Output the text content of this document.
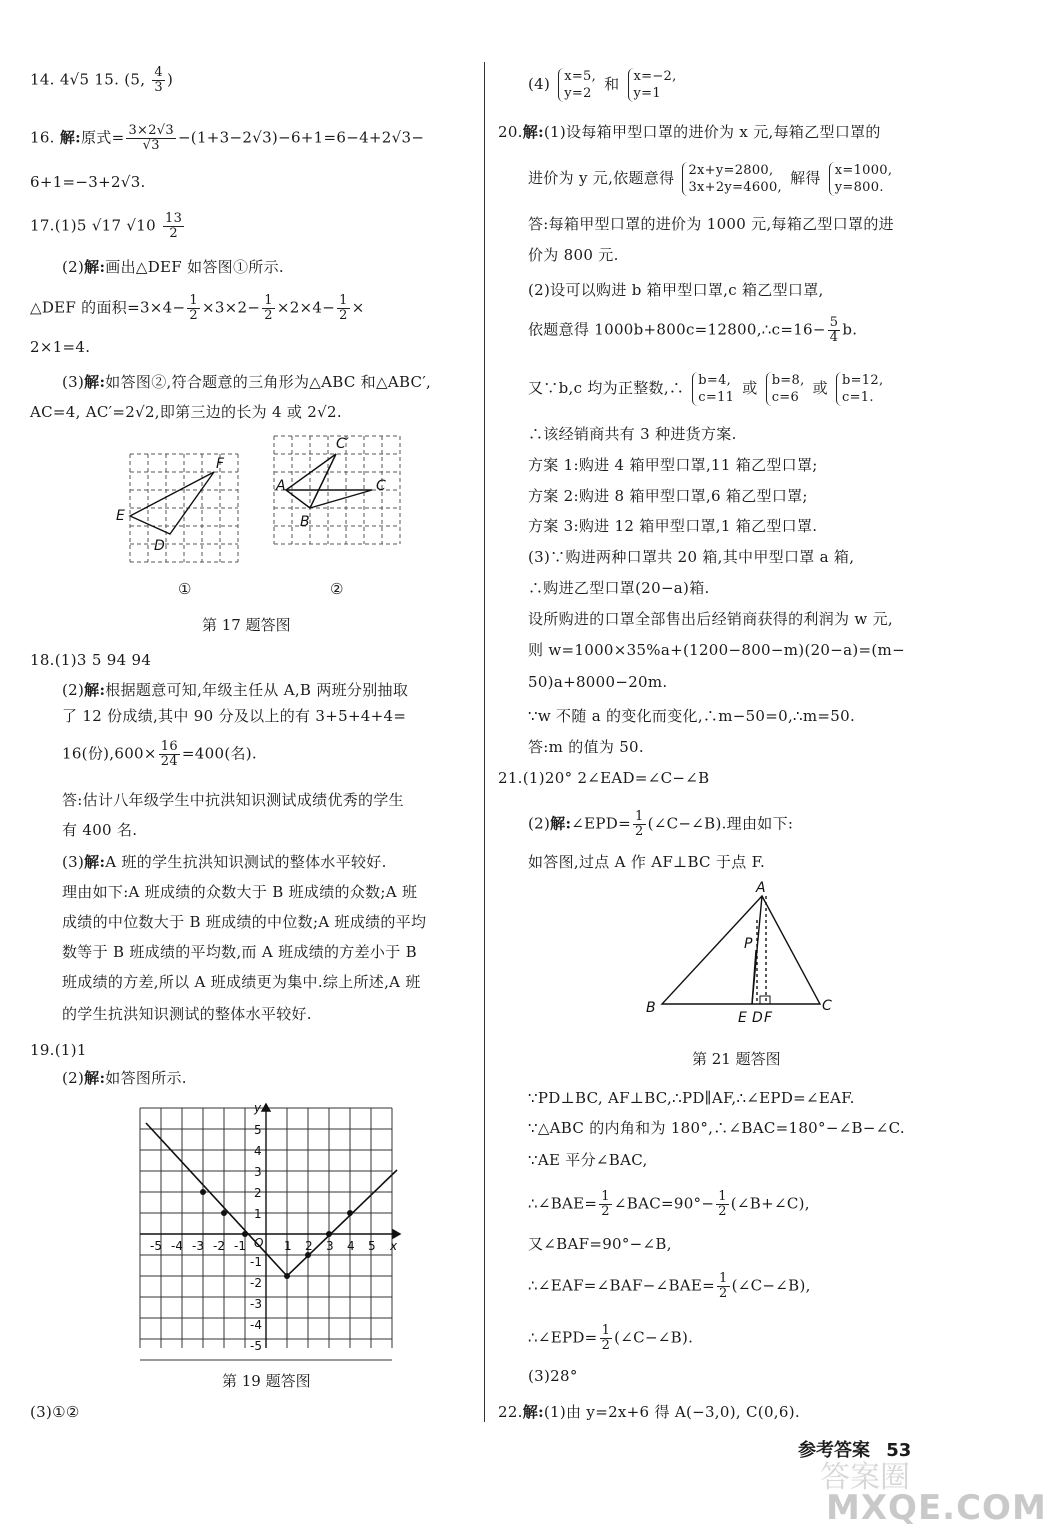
14. 4√5 15. (5, $\frac{4}{3}$ )
16. 解:原式= $\frac{3\times 2√3}{√3} -(1+3-2√3)-6+1=6-4+2√3-$
6+1=−3+2√3.
17.(1)5 √17 $√10 \frac{13}{2}$
(2)解:画出△DEF 如答图①所示.
△DEF 的面积$=3\times 4- \frac{1}{2} \times 3\times 2- \frac{1}{2} \times 2\times 4- \frac{1}{2}$ ×
2×1=4.
(3)解:如答图②,符合题意的三角形为△ABC 和△ABC′,
AC=4, AC′=2√2,即第三边的长为 4 或 2√2.
F
E
D
C′
A
B
C
①	②
第 17 题答图
18.(1)3 5 94 94
(2)解:根据题意可知,年级主任从 A,B 两班分别抽取
了 12 份成绩,其中 90 分及以上的有 3+5+4+4=
16(份)$,600\times \frac{16}{24} =400$(名).
答:估计八年级学生中抗洪知识测试成绩优秀的学生
有 400 名.
(3)解:A 班的学生抗洪知识测试的整体水平较好.
理由如下:A 班成绩的众数大于 B 班成绩的众数;A 班
成绩的中位数大于 B 班成绩的中位数;A 班成绩的平均
数等于 B 班成绩的平均数,而 A 班成绩的方差小于 B
班成绩的方差,所以 A 班成绩更为集中.综上所述,A 班
的学生抗洪知识测试的整体水平较好.
19.(1)1
(2)解:如答图所示.
y
x
O
-5 -4 -3 -2 -1	1 2 3 4 5
5
4
3
2
1
-1
-2
-3
-4
-5
第 19 题答图
(3)①②
(4) x=5,
y=2
和 x=−2,
y=1
20.解:(1)设每箱甲型口罩的进价为 x 元,每箱乙型口罩的
进价为 y 元,依题意得 2x+y=2800,
3x+2y=4600,
解得 x=1000,
y=800.
答:每箱甲型口罩的进价为 1000 元,每箱乙型口罩的进
价为 800 元.
(2)设可以购进 b 箱甲型口罩,c 箱乙型口罩,
依题意得 1000b+800c=12800,∴c=16− $\frac{5}{4} b$.
又∵b,c 均为正整数,∴ b=4,
c=11
或 b=8,
c=6
或 b=12,
c=1.
∴该经销商共有 3 种进货方案.
方案 1:购进 4 箱甲型口罩,11 箱乙型口罩;
方案 2:购进 8 箱甲型口罩,6 箱乙型口罩;
方案 3:购进 12 箱甲型口罩,1 箱乙型口罩.
(3)∵购进两种口罩共 20 箱,其中甲型口罩 a 箱,
∴购进乙型口罩(20−a)箱.
设所购进的口罩全部售出后经销商获得的利润为 w 元,
则 w=1000×35%a+(1200−800−m)(20−a)=(m−
50)a+8000−20m.
∵w 不随 a 的变化而变化,∴m−50=0,∴m=50.
答:m 的值为 50.
21.(1)20° 2∠EAD=∠C−∠B
(2)解:∠EPD= $\frac{1}{2}$ (∠C−∠B).理由如下:
如答图,过点 A 作 AF⊥BC 于点 F.
A
B	C
P
E D F
第 21 题答图
∵PD⊥BC, AF⊥BC,∴PD∥AF,∴∠EPD=∠EAF.
∵△ABC 的内角和为 180°,∴∠BAC=180°−∠B−∠C.
∵AE 平分∠BAC,
∴∠BAE= $\frac{1}{2}$ ∠BAC=90°− $\frac{1}{2}$ (∠B+∠C),
又∠BAF=90°−∠B,
∴∠EAF=∠BAF−∠BAE= $\frac{1}{2}$ (∠C−∠B),
∴∠EPD= $\frac{1}{2}$ (∠C−∠B).
(3)28°
22.解:(1)由 y=2x+6 得 A(−3,0), C(0,6).
参考答案 53
答案圈
MXQE.COM
